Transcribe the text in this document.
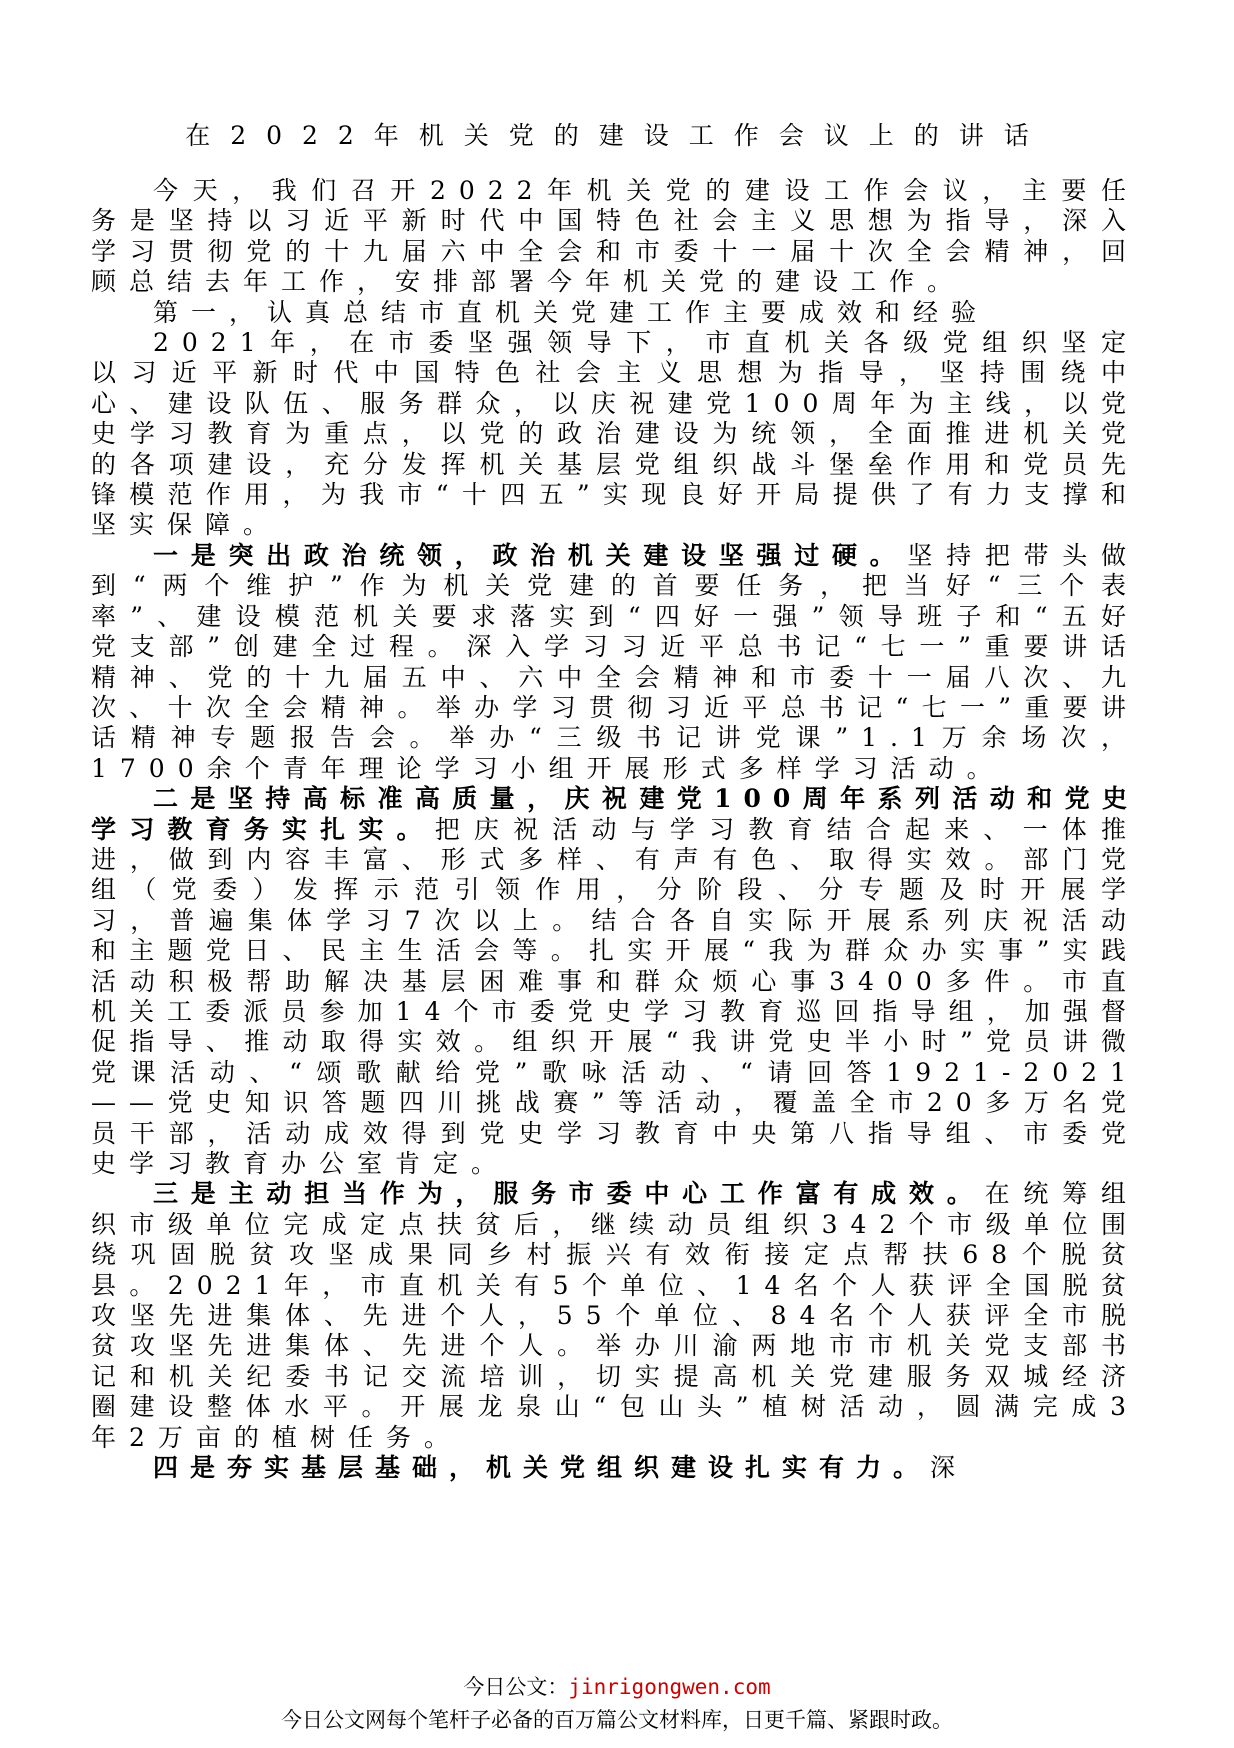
在2022年机关党的建设工作会议上的讲话

今天，我们召开2022年机关党的建设工作会议，主要任务是坚持以习近平新时代中国特色社会主义思想为指导，深入学习贯彻党的十九届六中全会和市委十一届十次全会精神，回顾总结去年工作，安排部署今年机关党的建设工作。

第一，认真总结市直机关党建工作主要成效和经验

2021年，在市委坚强领导下，市直机关各级党组织坚定以习近平新时代中国特色社会主义思想为指导，坚持围绕中心、建设队伍、服务群众，以庆祝建党100周年为主线，以党史学习教育为重点，以党的政治建设为统领，全面推进机关党的各项建设，充分发挥机关基层党组织战斗堡垒作用和党员先锋模范作用，为我市“十四五”实现良好开局提供了有力支撑和坚实保障。

一是突出政治统领，政治机关建设坚强过硬。坚持把带头做到“两个维护”作为机关党建的首要任务，把当好“三个表率”、建设模范机关要求落实到“四好一强”领导班子和“五好党支部”创建全过程。深入学习习近平总书记“七一”重要讲话精神、党的十九届五中、六中全会精神和市委十一届八次、九次、十次全会精神。举办学习贯彻习近平总书记“七一”重要讲话精神专题报告会。举办“三级书记讲党课”1.1万余场次，1700余个青年理论学习小组开展形式多样学习活动。

二是坚持高标准高质量，庆祝建党100周年系列活动和党史学习教育务实扎实。把庆祝活动与学习教育结合起来、一体推进，做到内容丰富、形式多样、有声有色、取得实效。部门党组（党委）发挥示范引领作用，分阶段、分专题及时开展学习，普遍集体学习7次以上。结合各自实际开展系列庆祝活动和主题党日、民主生活会等。扎实开展“我为群众办实事”实践活动积极帮助解决基层困难事和群众烦心事3400多件。市直机关工委派员参加14个市委党史学习教育巡回指导组，加强督促指导、推动取得实效。组织开展“我讲党史半小时”党员讲微党课活动、“颂歌献给党”歌咏活动、“请回答1921-2021——党史知识答题四川挑战赛”等活动，覆盖全市20多万名党员干部，活动成效得到党史学习教育中央第八指导组、市委党史学习教育办公室肯定。

三是主动担当作为，服务市委中心工作富有成效。在统筹组织市级单位完成定点扶贫后，继续动员组织342个市级单位围绕巩固脱贫攻坚成果同乡村振兴有效衔接定点帮扶68个脱贫县。2021年，市直机关有5个单位、14名个人获评全国脱贫攻坚先进集体、先进个人，55个单位、84名个人获评全市脱贫攻坚先进集体、先进个人。举办川渝两地市市机关党支部书记和机关纪委书记交流培训，切实提高机关党建服务双城经济圈建设整体水平。开展龙泉山“包山头”植树活动，圆满完成3年2万亩的植树任务。

四是夯实基层基础，机关党组织建设扎实有力。深

今日公文：jinrigongwen.com
今日公文网每个笔杆子必备的百万篇公文材料库，日更千篇、紧跟时政。
